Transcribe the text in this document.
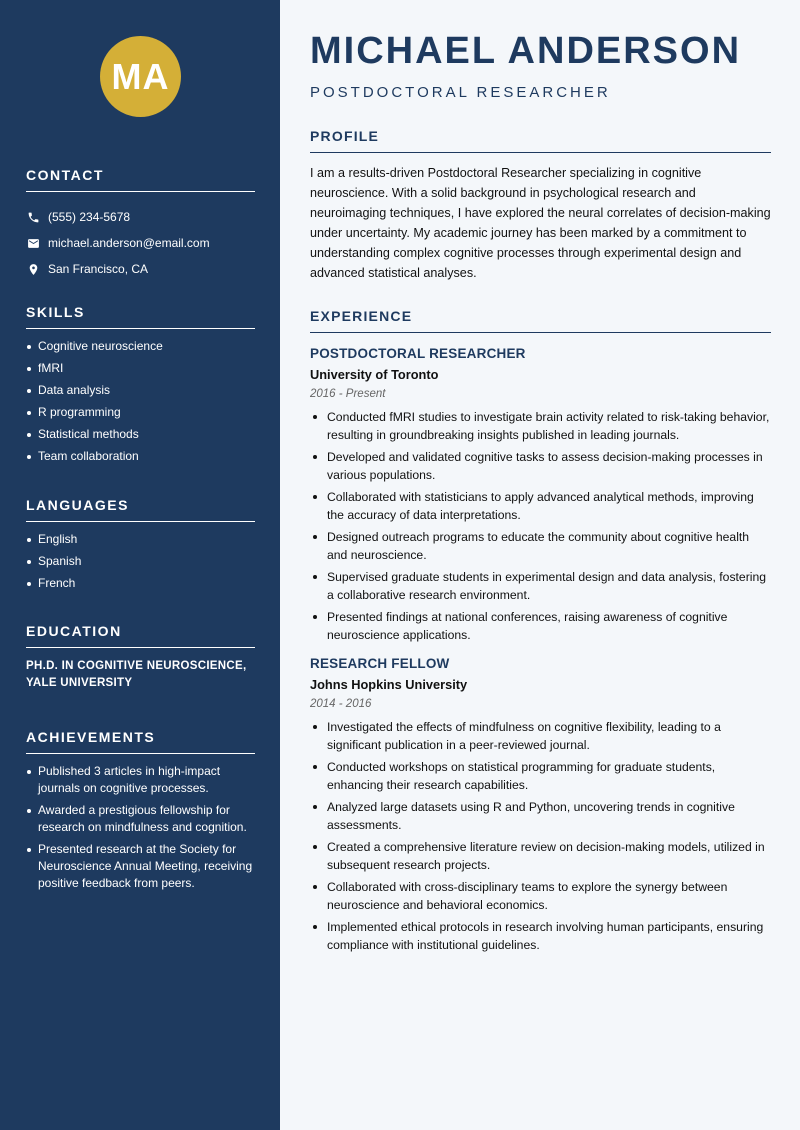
MA
CONTACT
(555) 234-5678
michael.anderson@email.com
San Francisco, CA
SKILLS
Cognitive neuroscience
fMRI
Data analysis
R programming
Statistical methods
Team collaboration
LANGUAGES
English
Spanish
French
EDUCATION
PH.D. IN COGNITIVE NEUROSCIENCE, YALE UNIVERSITY
ACHIEVEMENTS
Published 3 articles in high-impact journals on cognitive processes.
Awarded a prestigious fellowship for research on mindfulness and cognition.
Presented research at the Society for Neuroscience Annual Meeting, receiving positive feedback from peers.
MICHAEL ANDERSON
POSTDOCTORAL RESEARCHER
PROFILE
I am a results-driven Postdoctoral Researcher specializing in cognitive neuroscience. With a solid background in psychological research and neuroimaging techniques, I have explored the neural correlates of decision-making under uncertainty. My academic journey has been marked by a commitment to understanding complex cognitive processes through experimental design and advanced statistical analyses.
EXPERIENCE
POSTDOCTORAL RESEARCHER
University of Toronto
2016 - Present
Conducted fMRI studies to investigate brain activity related to risk-taking behavior, resulting in groundbreaking insights published in leading journals.
Developed and validated cognitive tasks to assess decision-making processes in various populations.
Collaborated with statisticians to apply advanced analytical methods, improving the accuracy of data interpretations.
Designed outreach programs to educate the community about cognitive health and neuroscience.
Supervised graduate students in experimental design and data analysis, fostering a collaborative research environment.
Presented findings at national conferences, raising awareness of cognitive neuroscience applications.
RESEARCH FELLOW
Johns Hopkins University
2014 - 2016
Investigated the effects of mindfulness on cognitive flexibility, leading to a significant publication in a peer-reviewed journal.
Conducted workshops on statistical programming for graduate students, enhancing their research capabilities.
Analyzed large datasets using R and Python, uncovering trends in cognitive assessments.
Created a comprehensive literature review on decision-making models, utilized in subsequent research projects.
Collaborated with cross-disciplinary teams to explore the synergy between neuroscience and behavioral economics.
Implemented ethical protocols in research involving human participants, ensuring compliance with institutional guidelines.
